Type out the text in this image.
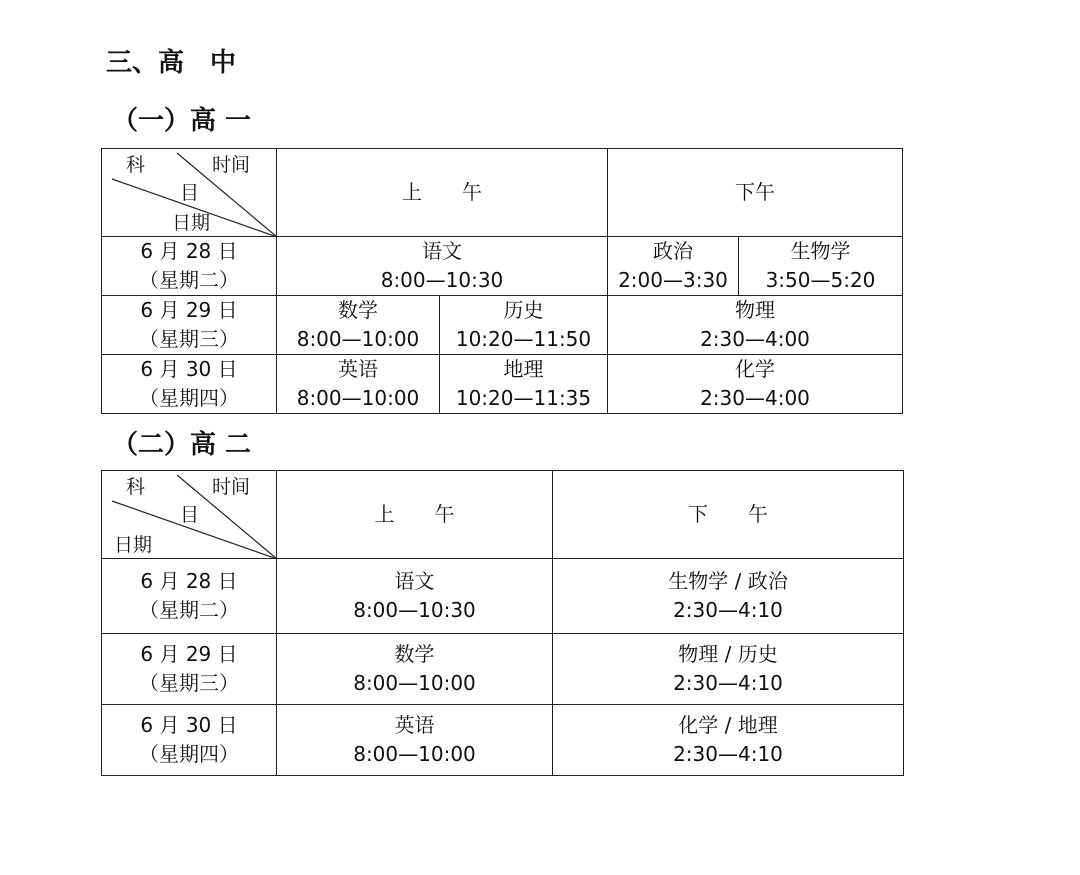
三、高　中
（一）高 一
科 时间
目
日期	上　　午		下午	

6 月 28 日
（星期二）	语文
8:00—10:30		政治
2:00—3:30	生物学
3:50—5:20

6 月 29 日
（星期三）	数学
8:00—10:00	历史
10:20—11:50	物理
2:30—4:00	

6 月 30 日
（星期四）	英语
8:00—10:00	地理
10:20—11:35	化学
2:30—4:00	
（二）高 二
科 时间
目
日期	上　　午	下　　午

6 月 28 日
（星期二）	语文
8:00—10:30	生物学 / 政治
2:30—4:10

6 月 29 日
（星期三）	数学
8:00—10:00	物理 / 历史
2:30—4:10

6 月 30 日
（星期四）	英语
8:00—10:00	化学 / 地理
2:30—4:10
